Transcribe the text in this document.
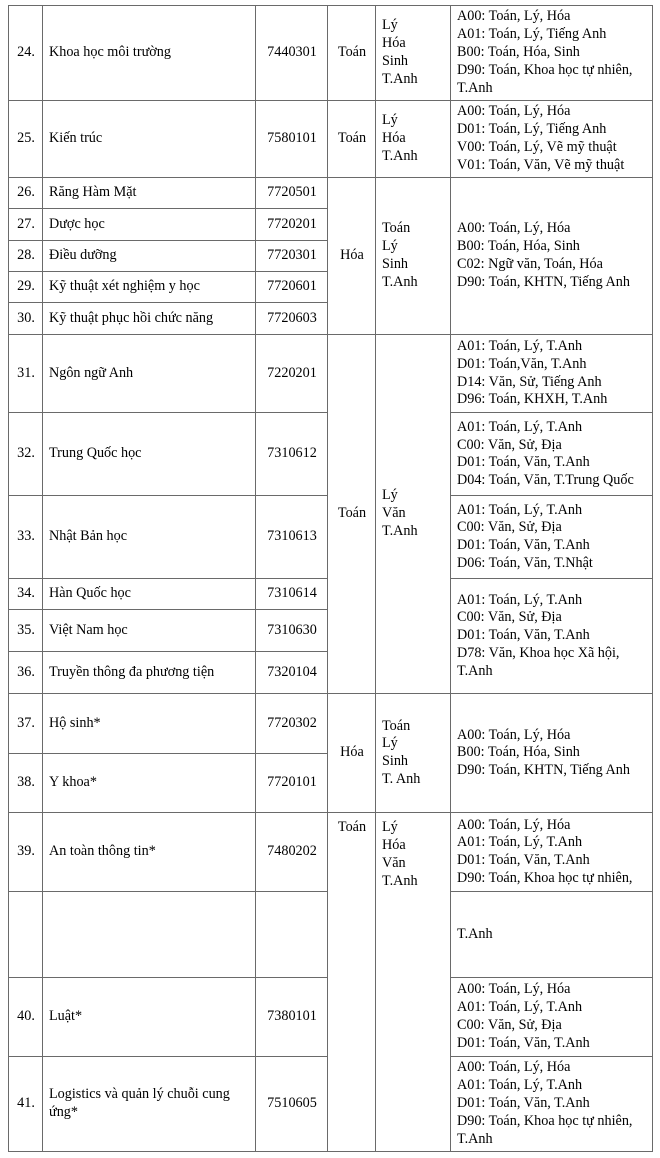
24.	Khoa học môi trường	7440301	Toán	Lý
Hóa
Sinh
T.Anh	A00: Toán, Lý, Hóa
A01: Toán, Lý, Tiếng Anh
B00: Toán, Hóa, Sinh
D90: Toán, Khoa học tự nhiên, T.Anh

25.	Kiến trúc	7580101	Toán	Lý
Hóa
T.Anh	A00: Toán, Lý, Hóa
D01: Toán, Lý, Tiếng Anh
V00: Toán, Lý, Vẽ mỹ thuật
V01: Toán, Văn, Vẽ mỹ thuật

26.	Răng Hàm Mặt	7720501	Hóa	Toán
Lý
Sinh
T.Anh	A00: Toán, Lý, Hóa
B00: Toán, Hóa, Sinh
C02: Ngữ văn, Toán, Hóa
D90: Toán, KHTN, Tiếng Anh

27.	Dược học	7720201			
28.	Điều dưỡng	7720301			
29.	Kỹ thuật xét nghiệm y học	7720601			
30.	Kỹ thuật phục hồi chức năng	7720603			
31.	Ngôn ngữ Anh	7220201	Toán	Lý
Văn
T.Anh	A01: Toán, Lý, T.Anh
D01: Toán,Văn, T.Anh
D14: Văn, Sử, Tiếng Anh
D96: Toán, KHXH, T.Anh

32.	Trung Quốc học	7310612			A01: Toán, Lý, T.Anh
C00: Văn, Sử, Địa
D01: Toán, Văn, T.Anh
D04: Toán, Văn, T.Trung Quốc

33.	Nhật Bản học	7310613			A01: Toán, Lý, T.Anh
C00: Văn, Sử, Địa
D01: Toán, Văn, T.Anh
D06: Toán, Văn, T.Nhật

34.	Hàn Quốc học	7310614			A01: Toán, Lý, T.Anh
C00: Văn, Sử, Địa
D01: Toán, Văn, T.Anh
D78: Văn, Khoa học Xã hội, T.Anh

35.	Việt Nam học	7310630			
36.	Truyền thông đa phương tiện	7320104			
37.	Hộ sinh*	7720302	Hóa	Toán
Lý
Sinh
T. Anh	A00: Toán, Lý, Hóa
B00: Toán, Hóa, Sinh
D90: Toán, KHTN, Tiếng Anh

38.	Y khoa*	7720101			
39.	An toàn thông tin*	7480202	Toán	Lý
Hóa
Văn
T.Anh	A00: Toán, Lý, Hóa
A01: Toán, Lý, T.Anh
D01: Toán, Văn, T.Anh
D90: Toán, Khoa học tự nhiên,

					T.Anh

40.	Luật*	7380101			A00: Toán, Lý, Hóa
A01: Toán, Lý, T.Anh
C00: Văn, Sử, Địa
D01: Toán, Văn, T.Anh

41.	Logistics và quản lý chuỗi cung ứng*	7510605			A00: Toán, Lý, Hóa
A01: Toán, Lý, T.Anh
D01: Toán, Văn, T.Anh
D90: Toán, Khoa học tự nhiên, T.Anh
